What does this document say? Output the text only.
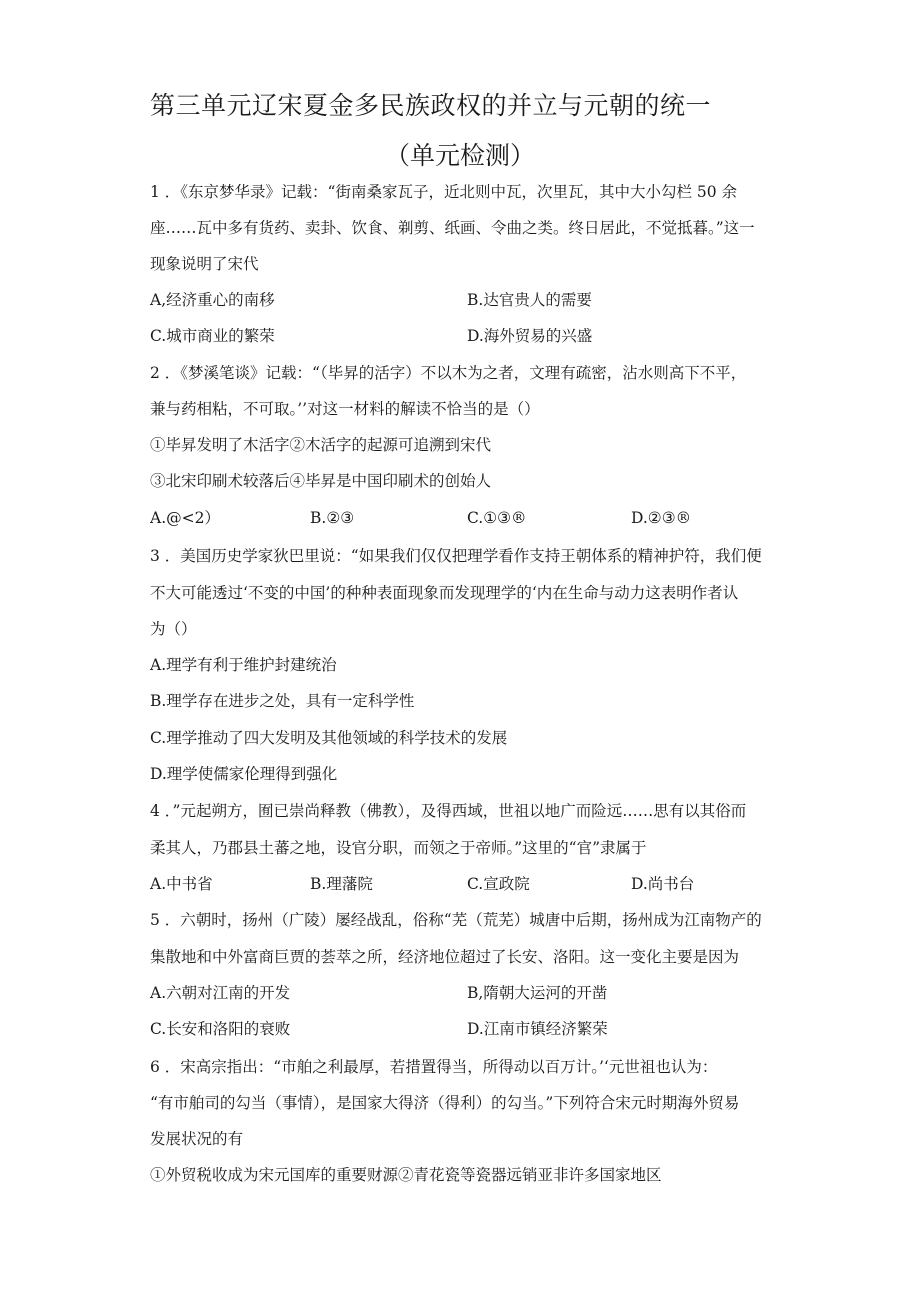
第三单元辽宋夏金多民族政权的并立与元朝的统一
（单元检测）
1 ．《东京梦华录》记载：“街南桑家瓦子，近北则中瓦，次里瓦，其中大小勾栏 50 余
座……瓦中多有货药、卖卦、饮食、剃剪、纸画、令曲之类。终日居此，不觉抵暮。”这一
现象说明了宋代
A,经济重心的南移	B.达官贵人的需要
C.城市商业的繁荣	D.海外贸易的兴盛
2 ．《梦溪笔谈》记载：“（毕昇的活字）不以木为之者，文理有疏密，沾水则高下不平，
兼与药相粘，不可取。’’对这一材料的解读不恰当的是（）
①毕昇发明了木活字②木活字的起源可追溯到宋代
③北宋印刷术较落后④毕昇是中国印刷术的创始人
A.@<2）	B.②③	C.①③®	D.②③®
3 ．美国历史学家狄巴里说：“如果我们仅仅把理学看作支持王朝体系的精神护符，我们便
不大可能透过‘不变的中国’的种种表面现象而发现理学的‘内在生命与动力这表明作者认
为（）
A.理学有利于维护封建统治
B.理学存在进步之处，具有一定科学性
C.理学推动了四大发明及其他领域的科学技术的发展
D.理学使儒家伦理得到强化
4 ．”元起朔方，囿已崇尚释教（佛教），及得西域，世祖以地广而险远……思有以其俗而
柔其人，乃郡县土蕃之地，设官分职，而领之于帝师。”这里的“官”隶属于
A.中书省	B.理藩院	C.宣政院	D.尚书台
5 ．六朝时，扬州（广陵）屡经战乱，俗称“芜（荒芜）城唐中后期，扬州成为江南物产的
集散地和中外富商巨贾的荟萃之所，经济地位超过了长安、洛阳。这一变化主要是因为
A.六朝对江南的开发	B,隋朝大运河的开凿
C.长安和洛阳的衰败	D.江南市镇经济繁荣
6 ．宋高宗指出：“市舶之利最厚，若措置得当，所得动以百万计。’‘元世祖也认为：
“有市舶司的勾当（事情），是国家大得济（得利）的勾当。”下列符合宋元时期海外贸易
发展状况的有
①外贸税收成为宋元国库的重要财源②青花瓷等瓷器远销亚非许多国家地区
